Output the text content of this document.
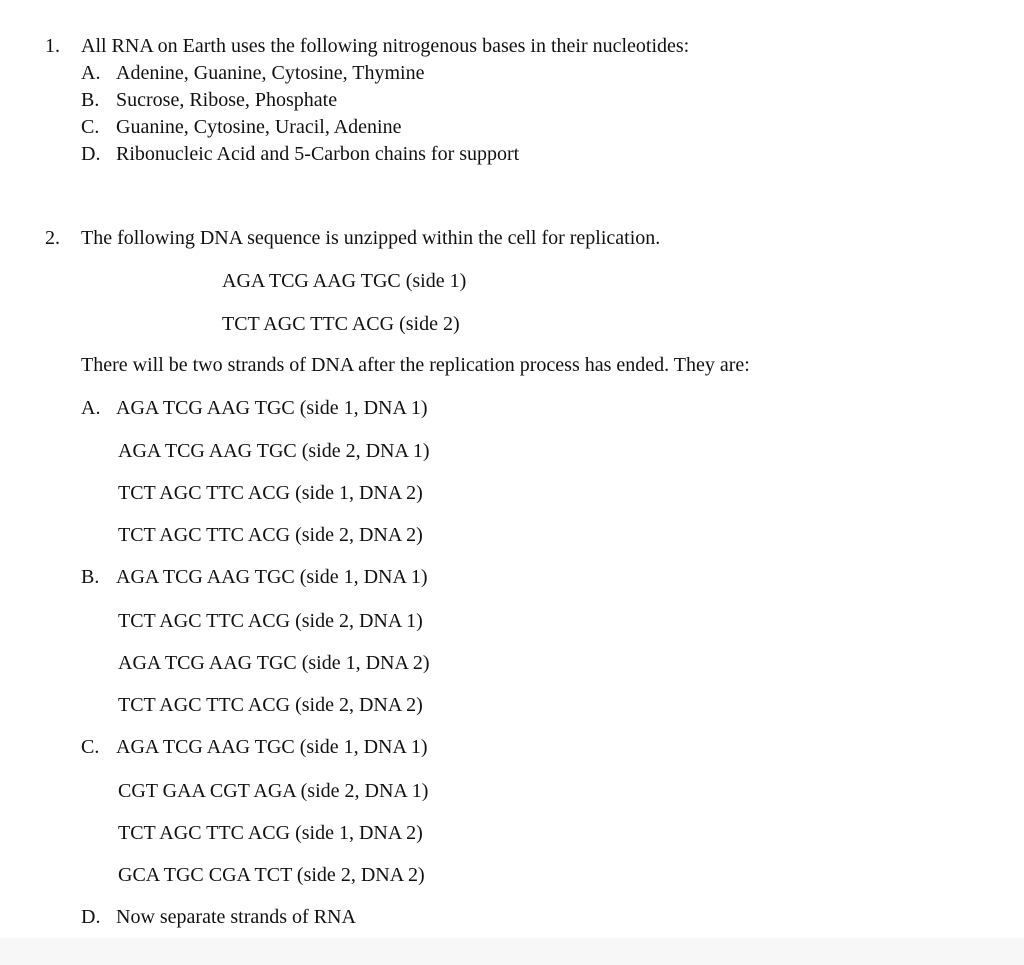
1. All RNA on Earth uses the following nitrogenous bases in their nucleotides:
A. Adenine, Guanine, Cytosine, Thymine
B. Sucrose, Ribose, Phosphate
C. Guanine, Cytosine, Uracil, Adenine
D. Ribonucleic Acid and 5-Carbon chains for support
2. The following DNA sequence is unzipped within the cell for replication.
AGA TCG AAG TGC (side 1)
TCT AGC TTC ACG (side 2)
There will be two strands of DNA after the replication process has ended. They are:
A. AGA TCG AAG TGC (side 1, DNA 1)
AGA TCG AAG TGC (side 2, DNA 1)
TCT AGC TTC ACG (side 1, DNA 2)
TCT AGC TTC ACG (side 2, DNA 2)
B. AGA TCG AAG TGC (side 1, DNA 1)
TCT AGC TTC ACG (side 2, DNA 1)
AGA TCG AAG TGC (side 1, DNA 2)
TCT AGC TTC ACG (side 2, DNA 2)
C. AGA TCG AAG TGC (side 1, DNA 1)
CGT GAA CGT AGA (side 2, DNA 1)
TCT AGC TTC ACG (side 1, DNA 2)
GCA TGC CGA TCT (side 2, DNA 2)
D. Now separate strands of RNA
